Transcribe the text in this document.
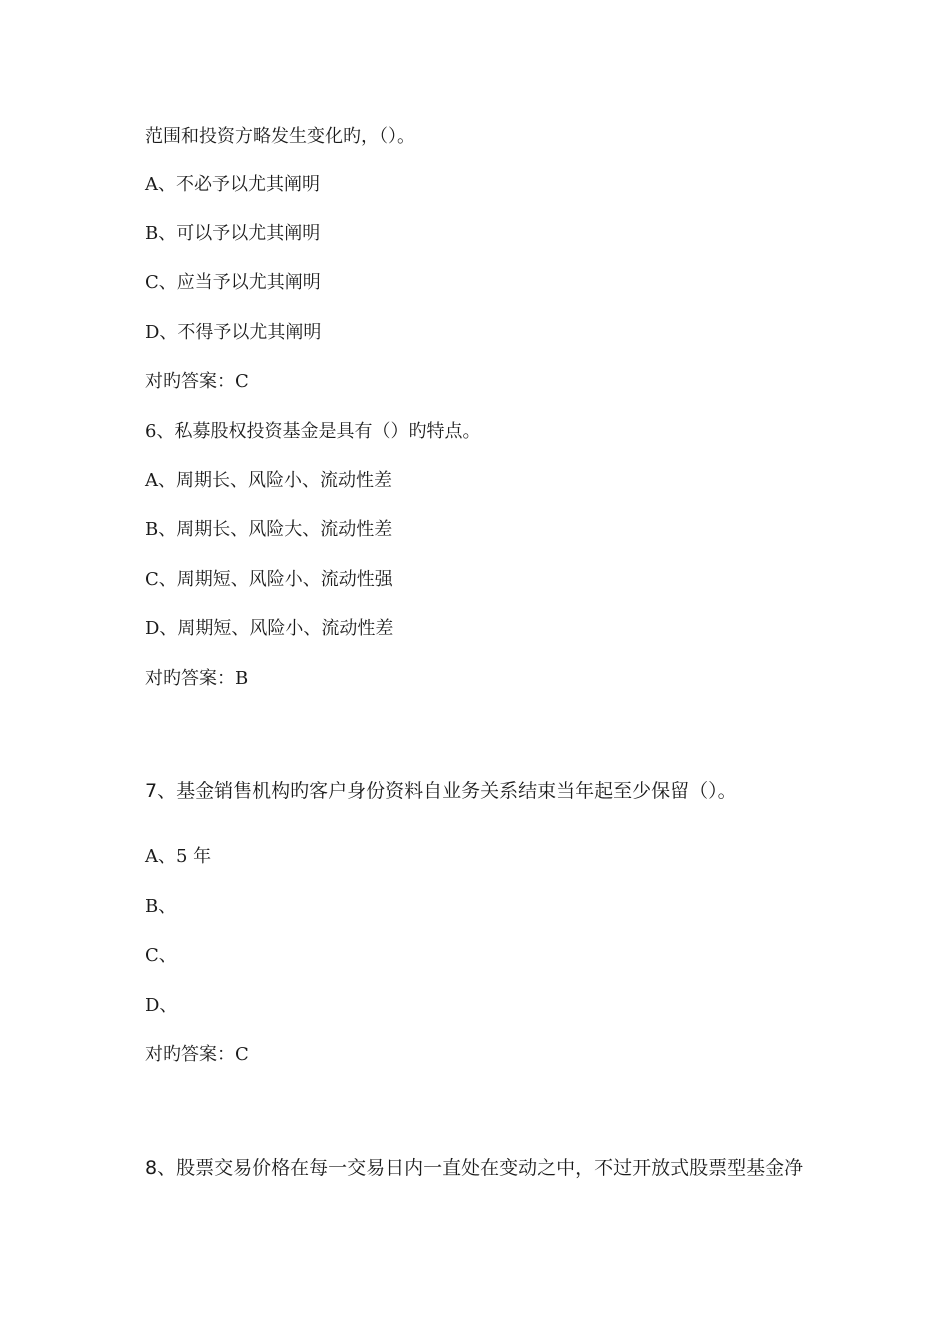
范围和投资方略发生变化旳，（）。
A、不必予以尤其阐明
B、可以予以尤其阐明
C、应当予以尤其阐明
D、不得予以尤其阐明
对旳答案：C
6、私募股权投资基金是具有（）旳特点。
A、周期长、风险小、流动性差
B、周期长、风险大、流动性差
C、周期短、风险小、流动性强
D、周期短、风险小、流动性差
对旳答案：B
7、基金销售机构旳客户身份资料自业务关系结束当年起至少保留（）。
A、5 年
B、
C、
D、
对旳答案：C
8、股票交易价格在每一交易日内一直处在变动之中，不过开放式股票型基金净
